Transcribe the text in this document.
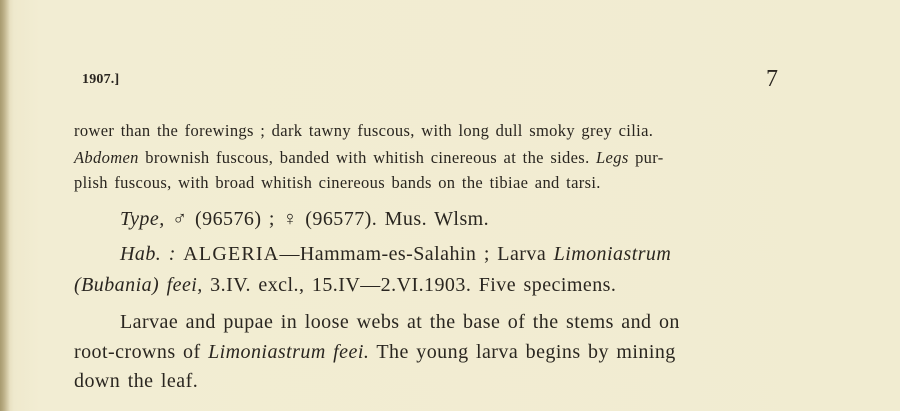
1907.]	7
rower than the forewings ; dark tawny fuscous, with long dull smoky grey cilia.
Abdomen brownish fuscous, banded with whitish cinereous at the sides. Legs pur-
plish fuscous, with broad whitish cinereous bands on the tibiae and tarsi.
Type, ♂ (96576) ; ♀ (96577). Mus. Wlsm.
Hab. : ALGERIA—Hammam-es-Salahin ; Larva Limoniastrum
(Bubania) feei, 3.IV. excl., 15.IV—2.VI.1903. Five specimens.
Larvae and pupae in loose webs at the base of the stems and on
root-crowns of Limoniastrum feei. The young larva begins by mining
down the leaf.
